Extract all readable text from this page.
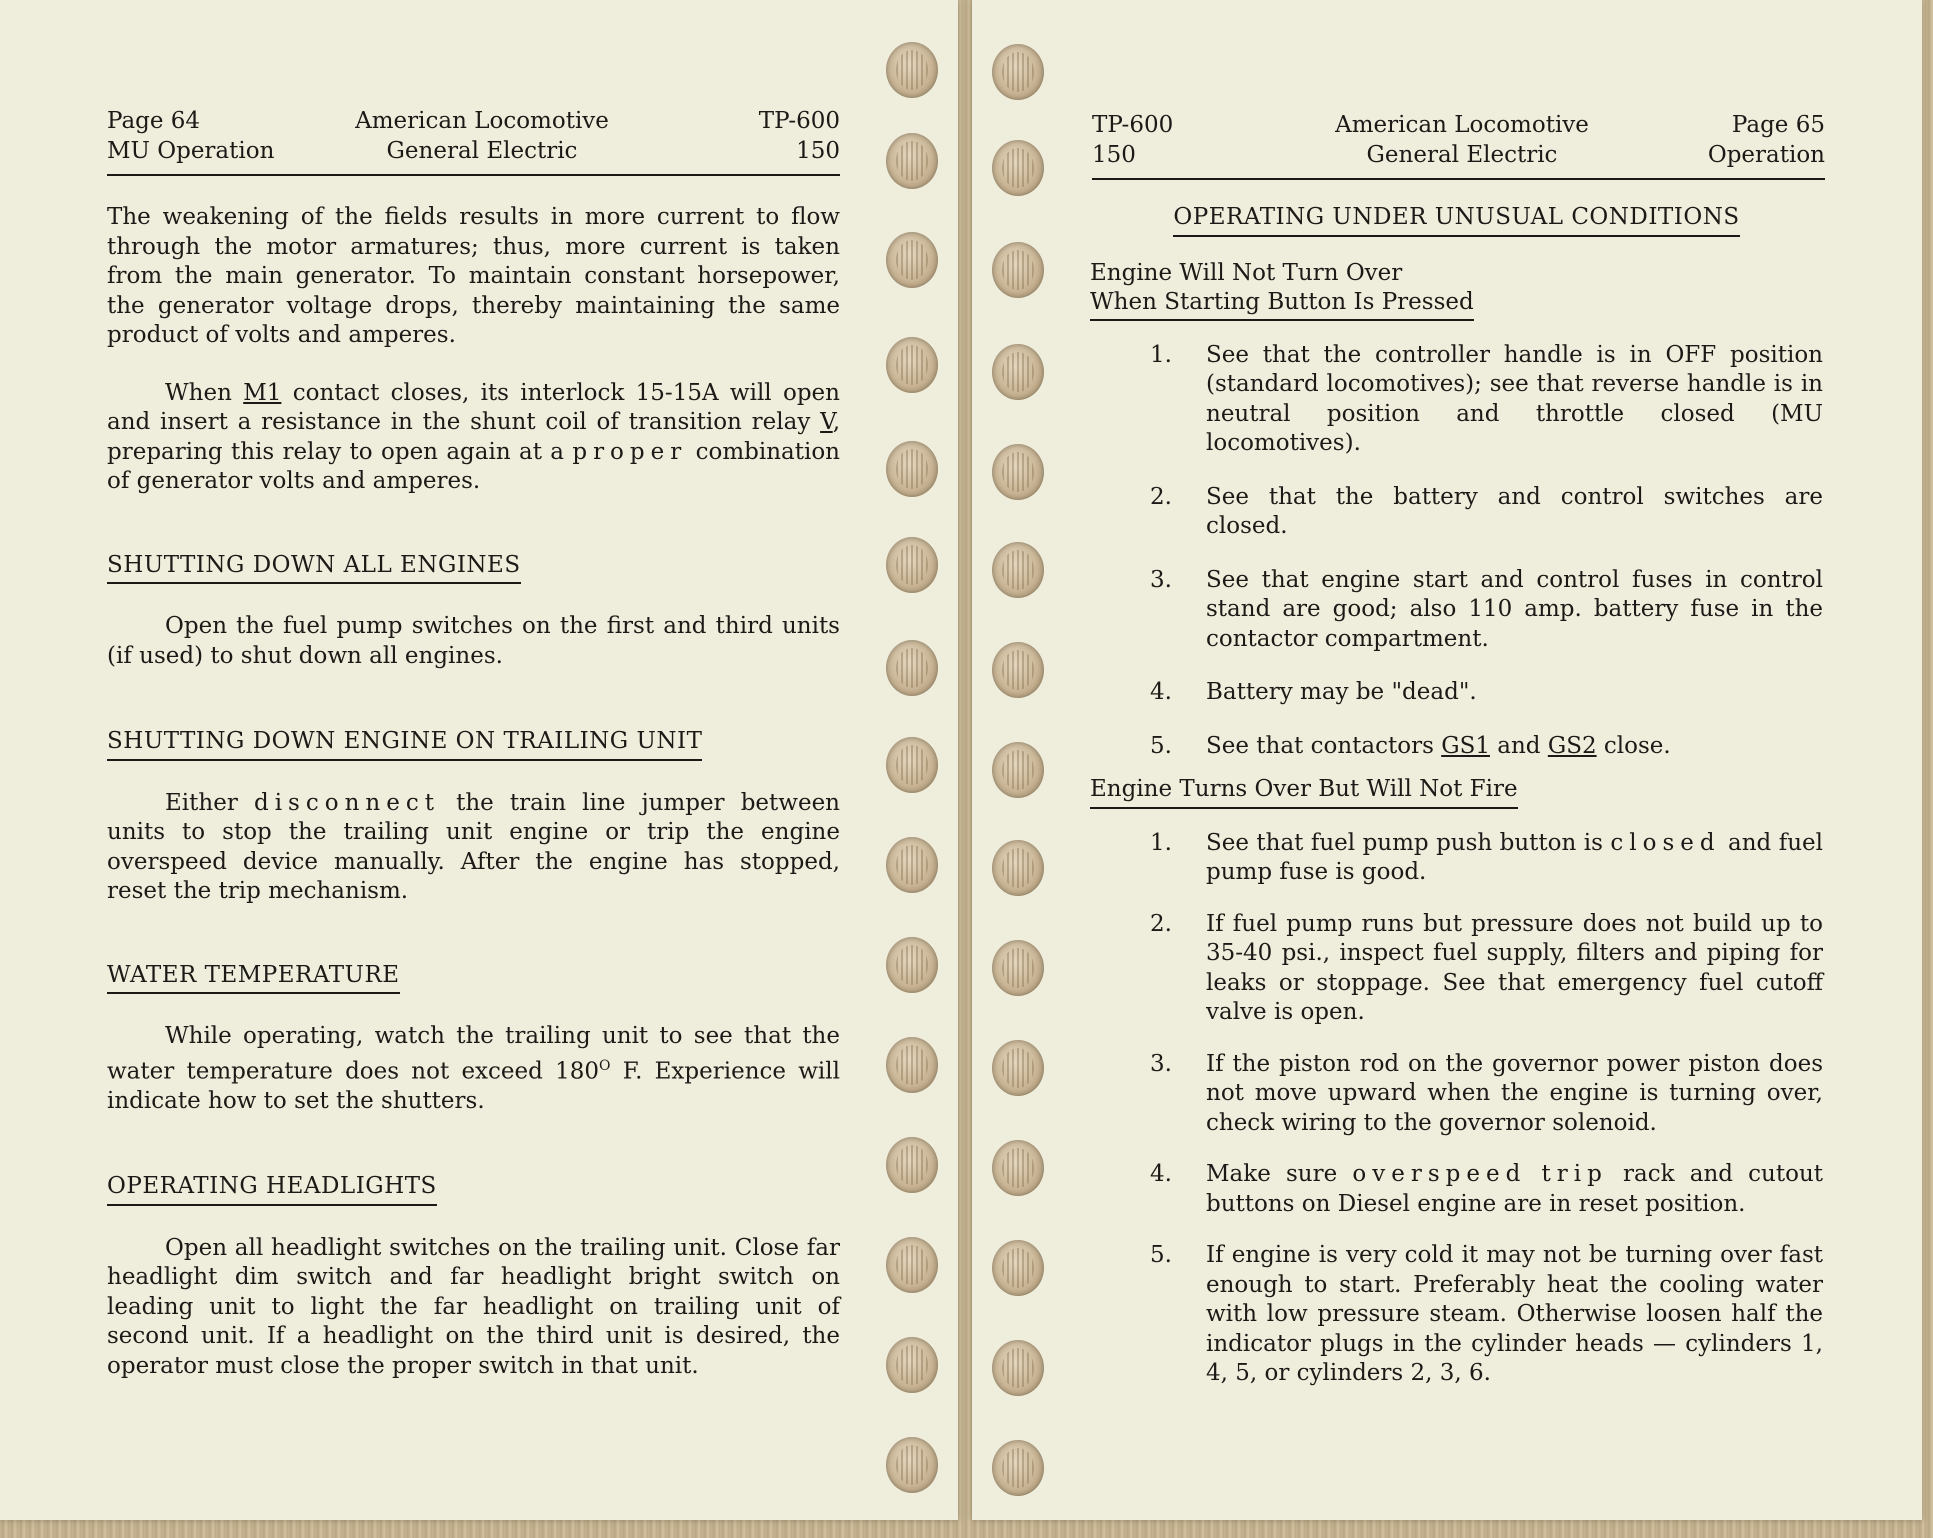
Page 64
MU Operation
American Locomotive
General Electric
TP-600
150

The weakening of the fields results in more current to flow through the motor armatures; thus, more current is taken from the main generator. To maintain constant horsepower, the generator voltage drops, thereby maintaining the same product of volts and amperes.

When M1 contact closes, its interlock 15-15A will open and insert a resistance in the shunt coil of transition relay V, preparing this relay to open again at a proper combination of generator volts and amperes.

SHUTTING DOWN ALL ENGINES

Open the fuel pump switches on the first and third units (if used) to shut down all engines.

SHUTTING DOWN ENGINE ON TRAILING UNIT

Either disconnect the train line jumper between units to stop the trailing unit engine or trip the engine overspeed device manually. After the engine has stopped, reset the trip mechanism.

WATER TEMPERATURE

While operating, watch the trailing unit to see that the water temperature does not exceed $180^O$ F. Experience will indicate how to set the shutters.

OPERATING HEADLIGHTS

Open all headlight switches on the trailing unit. Close far headlight dim switch and far headlight bright switch on leading unit to light the far headlight on trailing unit of second unit. If a headlight on the third unit is desired, the operator must close the proper switch in that unit.

TP-600
150
American Locomotive
General Electric
Page 65
Operation
OPERATING UNDER UNUSUAL CONDITIONS
Engine Will Not Turn Over
When Starting Button Is Pressed

1. See that the controller handle is in OFF position (standard locomotives); see that reverse handle is in neutral position and throttle closed (MU locomotives).

2. See that the battery and control switches are closed.

3. See that engine start and control fuses in control stand are good; also 110 amp. battery fuse in the contactor compartment.

4. Battery may be "dead".

5. See that contactors GS1 and GS2 close.

Engine Turns Over But Will Not Fire

1. See that fuel pump push button is closed and fuel pump fuse is good.

2. If fuel pump runs but pressure does not build up to 35-40 psi., inspect fuel supply, filters and piping for leaks or stoppage. See that emergency fuel cutoff valve is open.

3. If the piston rod on the governor power piston does not move upward when the engine is turning over, check wiring to the governor solenoid.

4. Make sure overspeed trip rack and cutout buttons on Diesel engine are in reset position.

5. If engine is very cold it may not be turning over fast enough to start. Preferably heat the cooling water with low pressure steam. Otherwise loosen half the indicator plugs in the cylinder heads — cylinders 1, 4, 5, or cylinders 2, 3, 6.
